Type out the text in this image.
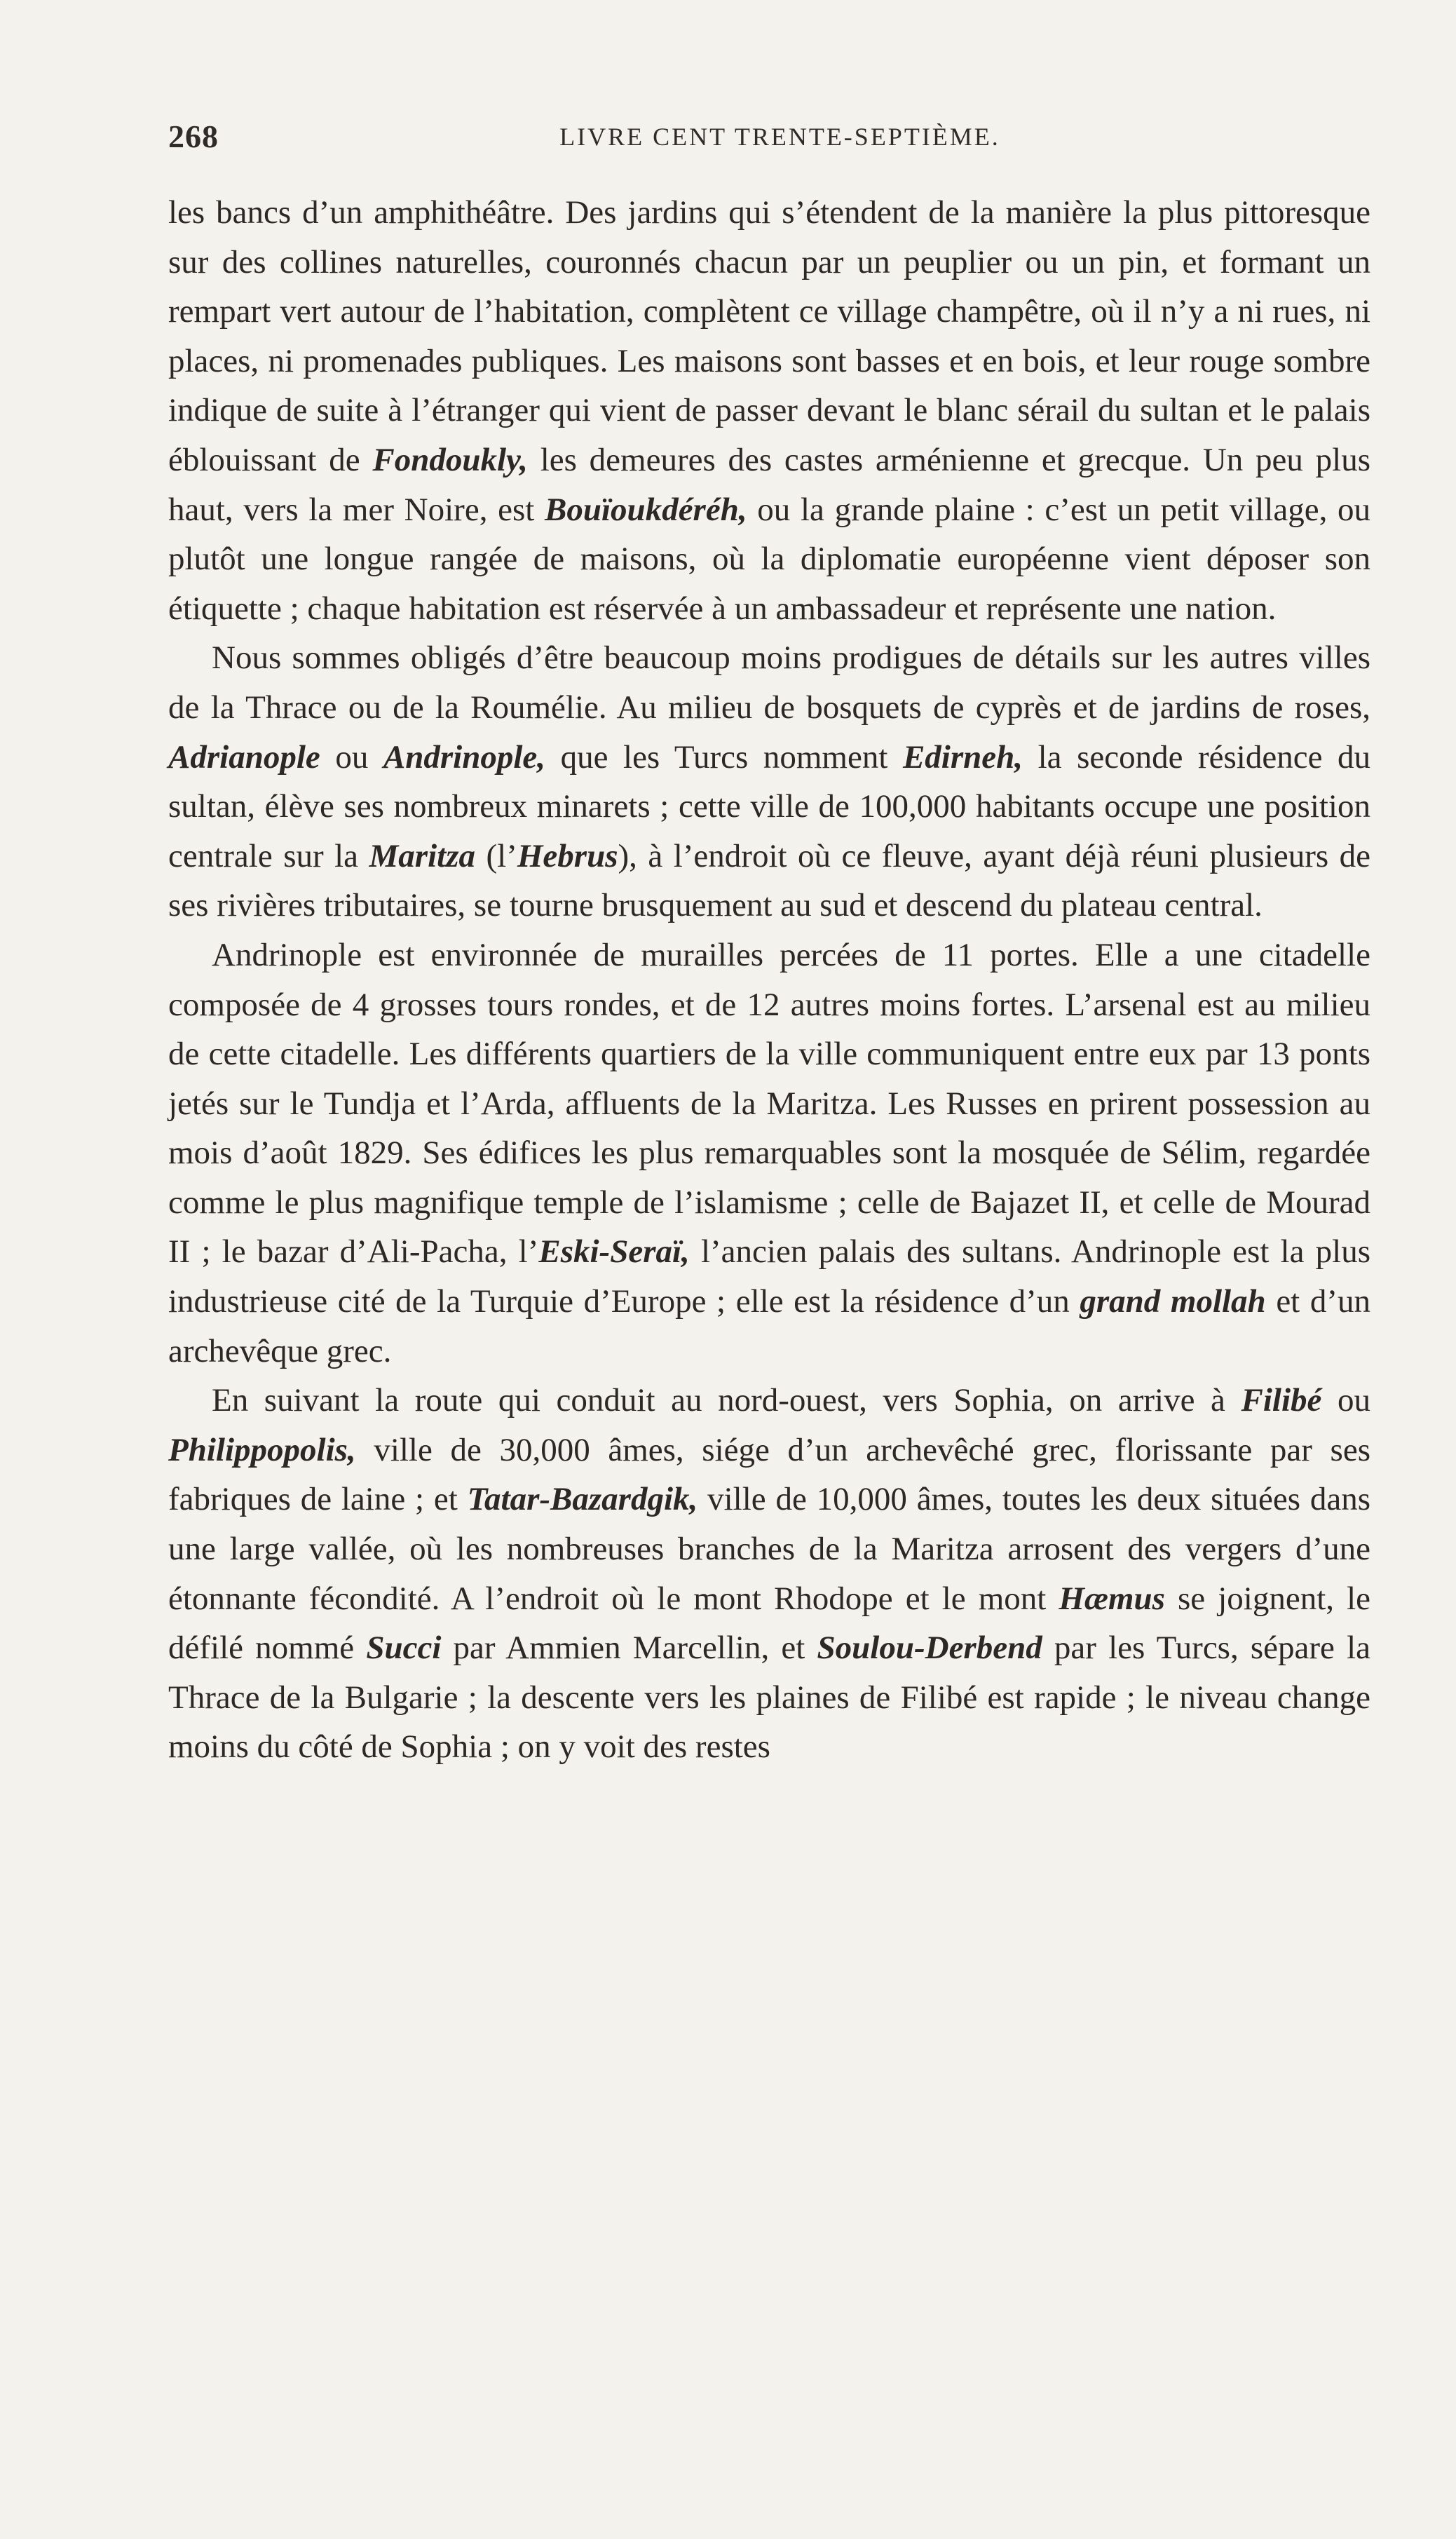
268	LIVRE CENT TRENTE-SEPTIÈME.

les bancs d’un amphithéâtre. Des jardins qui s’étendent de la manière la plus pittoresque sur des collines naturelles, couronnés chacun par un peuplier ou un pin, et formant un rempart vert autour de l’habitation, complètent ce village champêtre, où il n’y a ni rues, ni places, ni promenades publiques. Les maisons sont basses et en bois, et leur rouge sombre indique de suite à l’étranger qui vient de passer devant le blanc sérail du sultan et le palais éblouissant de Fondoukly, les demeures des castes arménienne et grecque. Un peu plus haut, vers la mer Noire, est Bouïoukdéréh, ou la grande plaine : c’est un petit village, ou plutôt une longue rangée de maisons, où la diplomatie européenne vient déposer son étiquette ; chaque habitation est réservée à un ambassadeur et représente une nation.

Nous sommes obligés d’être beaucoup moins prodigues de détails sur les autres villes de la Thrace ou de la Roumélie. Au milieu de bosquets de cyprès et de jardins de roses, Adrianople ou Andrinople, que les Turcs nomment Edirneh, la seconde résidence du sultan, élève ses nombreux minarets ; cette ville de 100,000 habitants occupe une position centrale sur la Maritza (l’Hebrus), à l’endroit où ce fleuve, ayant déjà réuni plusieurs de ses rivières tributaires, se tourne brusquement au sud et descend du plateau central.

Andrinople est environnée de murailles percées de 11 portes. Elle a une citadelle composée de 4 grosses tours rondes, et de 12 autres moins fortes. L’arsenal est au milieu de cette citadelle. Les différents quartiers de la ville communiquent entre eux par 13 ponts jetés sur le Tundja et l’Arda, affluents de la Maritza. Les Russes en prirent possession au mois d’août 1829. Ses édifices les plus remarquables sont la mosquée de Sélim, regardée comme le plus magnifique temple de l’islamisme ; celle de Bajazet II, et celle de Mourad II ; le bazar d’Ali-Pacha, l’Eski-Seraï, l’ancien palais des sultans. Andrinople est la plus industrieuse cité de la Turquie d’Europe ; elle est la résidence d’un grand mollah et d’un archevêque grec.

En suivant la route qui conduit au nord-ouest, vers Sophia, on arrive à Filibé ou Philippopolis, ville de 30,000 âmes, siége d’un archevêché grec, florissante par ses fabriques de laine ; et Tatar-Bazardgik, ville de 10,000 âmes, toutes les deux situées dans une large vallée, où les nombreuses branches de la Maritza arrosent des vergers d’une étonnante fécondité. A l’endroit où le mont Rhodope et le mont Hæmus se joignent, le défilé nommé Succi par Ammien Marcellin, et Soulou-Derbend par les Turcs, sépare la Thrace de la Bulgarie ; la descente vers les plaines de Filibé est rapide ; le niveau change moins du côté de Sophia ; on y voit des restes
